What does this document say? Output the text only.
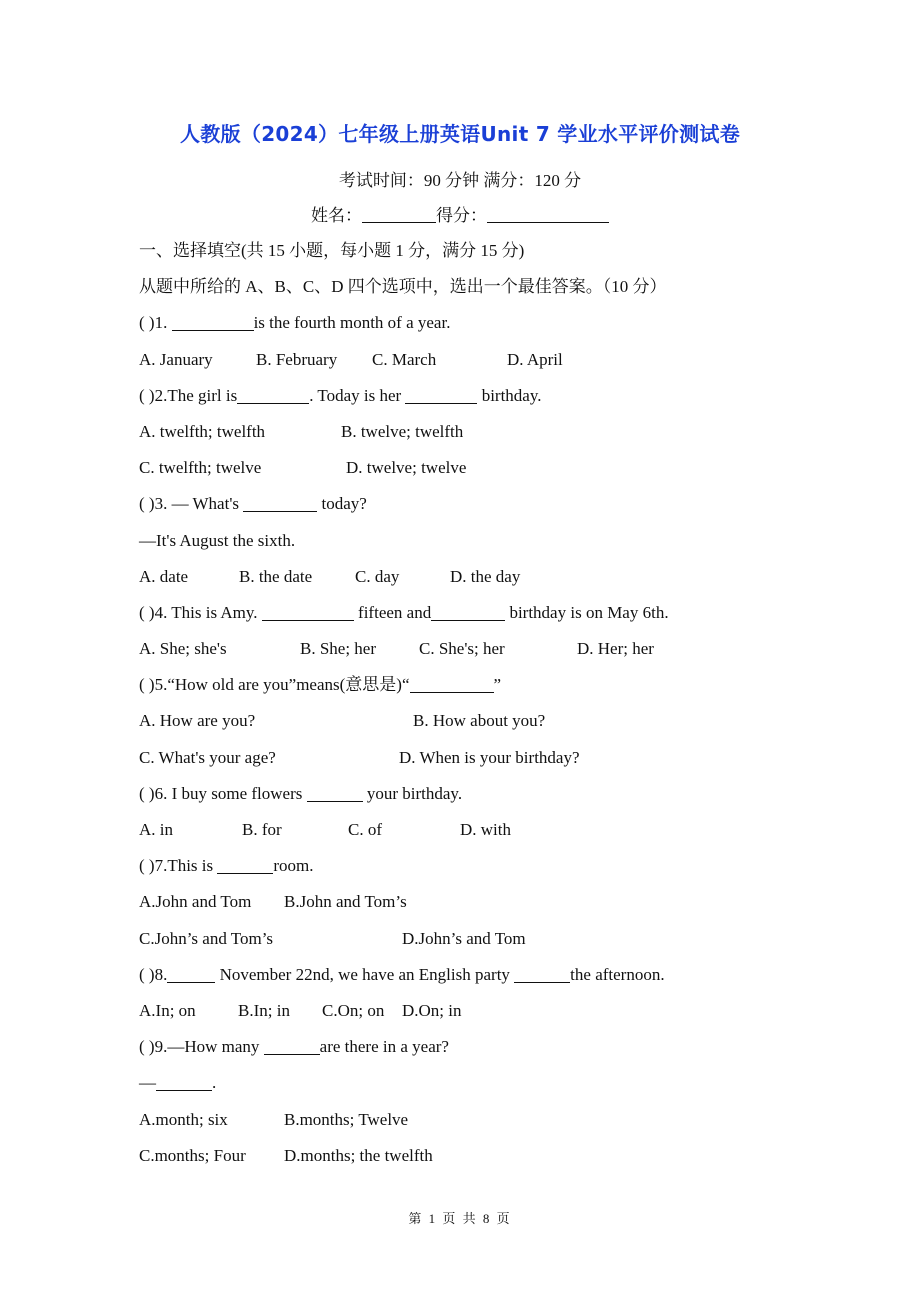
人教版（2024）七年级上册英语Unit 7 学业水平评价测试卷
考试时间：90 分钟 满分：120 分
姓名：	得分：
一、选择填空(共 15 小题，每小题 1 分，满分 15 分)
从题中所给的 A、B、C、D 四个选项中，选出一个最佳答案。（10 分）
( )1.	is the fourth month of a year.
A. January	B. February C. March	D. April
( )2.The girl is	. Today is her	birthday.
A. twelfth; twelfth	B. twelve; twelfth
C. twelfth; twelve	D. twelve; twelve
( )3. — What's	today?
—It's August the sixth.
A. date	B. the date	C. day	D. the day
( )4. This is Amy.	fifteen and	birthday is on May 6th.
A. She; she's	B. She; her	C. She's; her	D. Her; her
( )5.“How old are you”means(意思是)“	”
A. How are you?	B. How about you?
C. What's your age?	D. When is your birthday?
( )6. I buy some flowers	your birthday.
A. in	B. for	C. of	D. with
( )7.This is	room.
A.John and Tom B.John and Tom’s
C.John’s and Tom’s	D.John’s and Tom
( )8.	November 22nd, we have an English party	the afternoon.
A.In; on B.In; in C.On; on D.On; in
( )9.—How many	are there in a year?
—	.
A.month; six	B.months; Twelve
C.months; Four D.months; the twelfth
第 1 页 共 8 页
